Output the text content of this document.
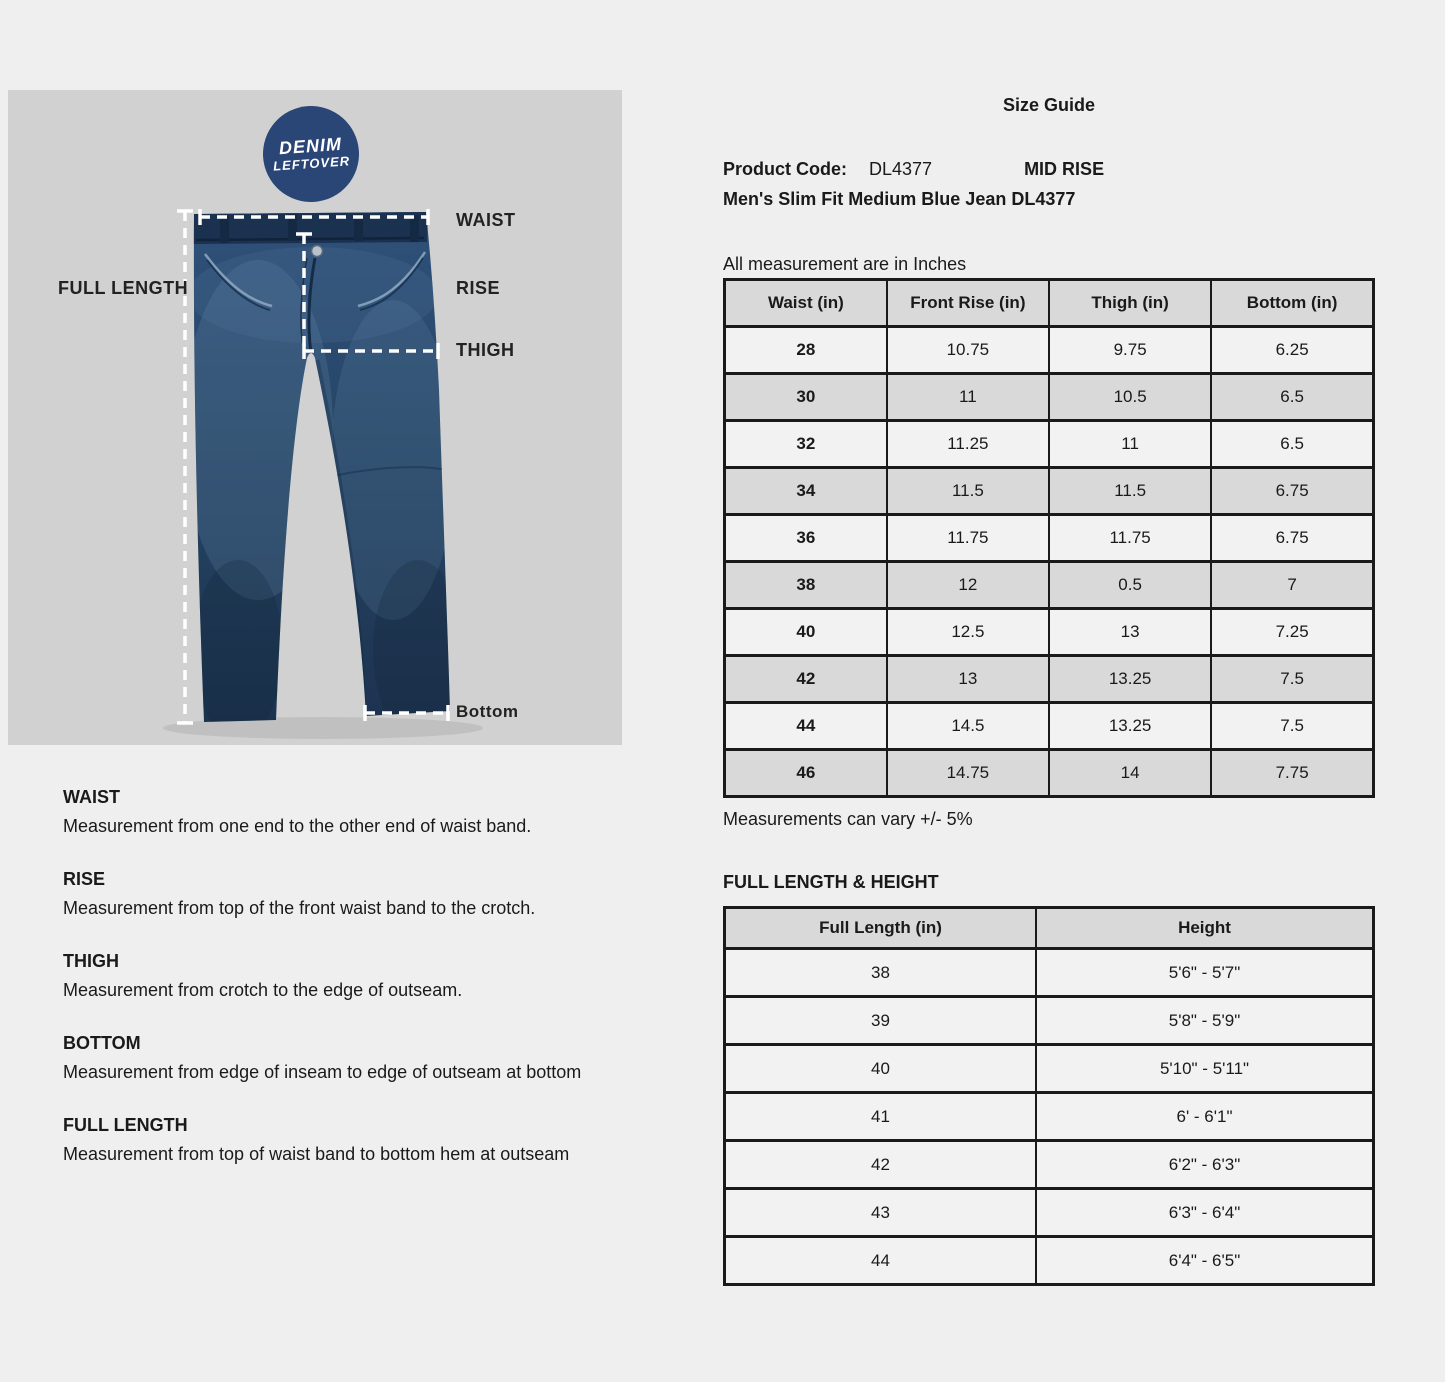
DENIM
LEFTOVER
WAIST
RISE
THIGH
FULL LENGTH
Bottom
WAIST
Measurement from one end to the other end of waist band.
RISE
Measurement from top of the front waist band to the crotch.
THIGH
Measurement from crotch to the edge of outseam.
BOTTOM
Measurement from edge of inseam to edge of outseam at bottom
FULL LENGTH
Measurement from top of waist band to bottom hem at outseam
Size Guide
Product Code: DL4377	MID RISE
Men's Slim Fit Medium Blue Jean DL4377
All measurement are in Inches
Waist (in)	Front Rise (in)	Thigh (in)	Bottom (in)
28	10.75	9.75	6.25
30	11	10.5	6.5
32	11.25	11	6.5
34	11.5	11.5	6.75
36	11.75	11.75	6.75
38	12	0.5	7
40	12.5	13	7.25
42	13	13.25	7.5
44	14.5	13.25	7.5
46	14.75	14	7.75
Measurements can vary +/- 5%
FULL LENGTH & HEIGHT
Full Length (in)	Height
38	5'6" - 5'7"
39	5'8" - 5'9"
40	5'10" - 5'11"
41	6' - 6'1"
42	6'2" - 6'3"
43	6'3" - 6'4"
44	6'4" - 6'5"
